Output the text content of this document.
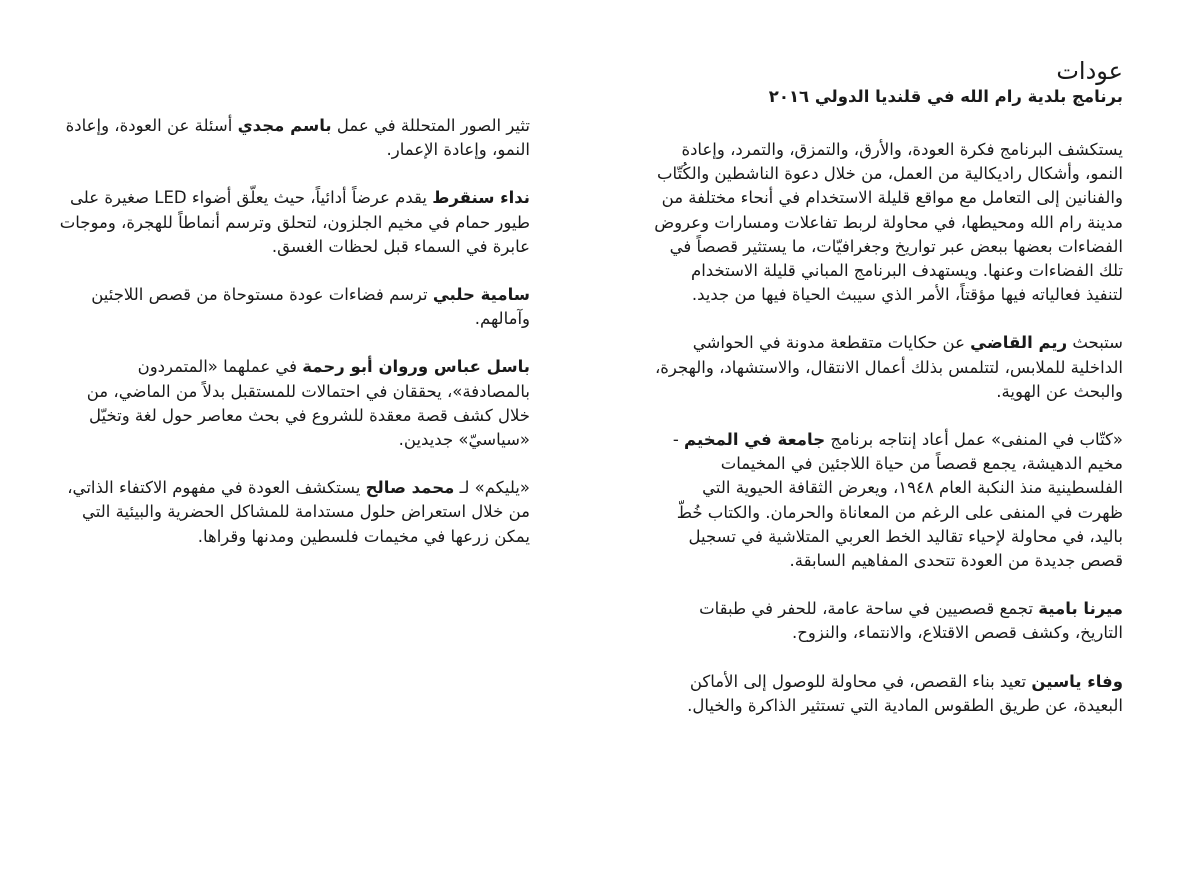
عودات
برنامج بلدية رام الله في قلنديا الدولي ٢٠١٦

يستكشف البرنامج فكرة العودة، والأرق، والتمزق، والتمرد، وإعادة النمو، وأشكال راديكالية من العمل، من خلال دعوة الناشطين والكُتّاب والفنانين إلى التعامل مع مواقع قليلة الاستخدام في أنحاء مختلفة من مدينة رام الله ومحيطها، في محاولة لربط تفاعلات ومسارات وعروض الفضاءات بعضها ببعض عبر تواريخ وجغرافيّات، ما يستثير قصصاً في تلك الفضاءات وعنها. ويستهدف البرنامج المباني قليلة الاستخدام لتنفيذ فعالياته فيها مؤقتاً، الأمر الذي سيبث الحياة فيها من جديد.

ستبحث ريم القاضي عن حكايات متقطعة مدونة في الحواشي الداخلية للملابس، لتتلمس بذلك أعمال الانتقال، والاستشهاد، والهجرة، والبحث عن الهوية.

«كتّاب في المنفى» عمل أعاد إنتاجه برنامج جامعة في المخيم - مخيم الدهيشة، يجمع قصصاً من حياة اللاجئين في المخيمات الفلسطينية منذ النكبة العام ١٩٤٨، ويعرض الثقافة الحيوية التي ظهرت في المنفى على الرغم من المعاناة والحرمان. والكتاب خُطّ باليد، في محاولة لإحياء تقاليد الخط العربي المتلاشية في تسجيل قصص جديدة من العودة تتحدى المفاهيم السابقة.

ميرنا بامية تجمع قصصيين في ساحة عامة، للحفر في طبقات التاريخ، وكشف قصص الاقتلاع، والانتماء، والنزوح.

وفاء ياسين تعيد بناء القصص، في محاولة للوصول إلى الأماكن البعيدة، عن طريق الطقوس المادية التي تستثير الذاكرة والخيال.

تثير الصور المتحللة في عمل باسم مجدي أسئلة عن العودة، وإعادة النمو، وإعادة الإعمار.

نداء سنقرط يقدم عرضاً أدائياً، حيث يعلّق أضواء LED صغيرة على طيور حمام في مخيم الجلزون، لتحلق وترسم أنماطاً للهجرة، وموجات عابرة في السماء قبل لحظات الغسق.

سامية حلبي ترسم فضاءات عودة مستوحاة من قصص اللاجئين وآمالهم.

باسل عباس وروان أبو رحمة في عملهما «المتمردون بالمصادفة»، يحققان في احتمالات للمستقبل بدلاً من الماضي، من خلال كشف قصة معقدة للشروع في بحث معاصر حول لغة وتخيّل «سياسيّ» جديدين.

«يليكم» لـ محمد صالح يستكشف العودة في مفهوم الاكتفاء الذاتي، من خلال استعراض حلول مستدامة للمشاكل الحضرية والبيئية التي يمكن زرعها في مخيمات فلسطين ومدنها وقراها.
